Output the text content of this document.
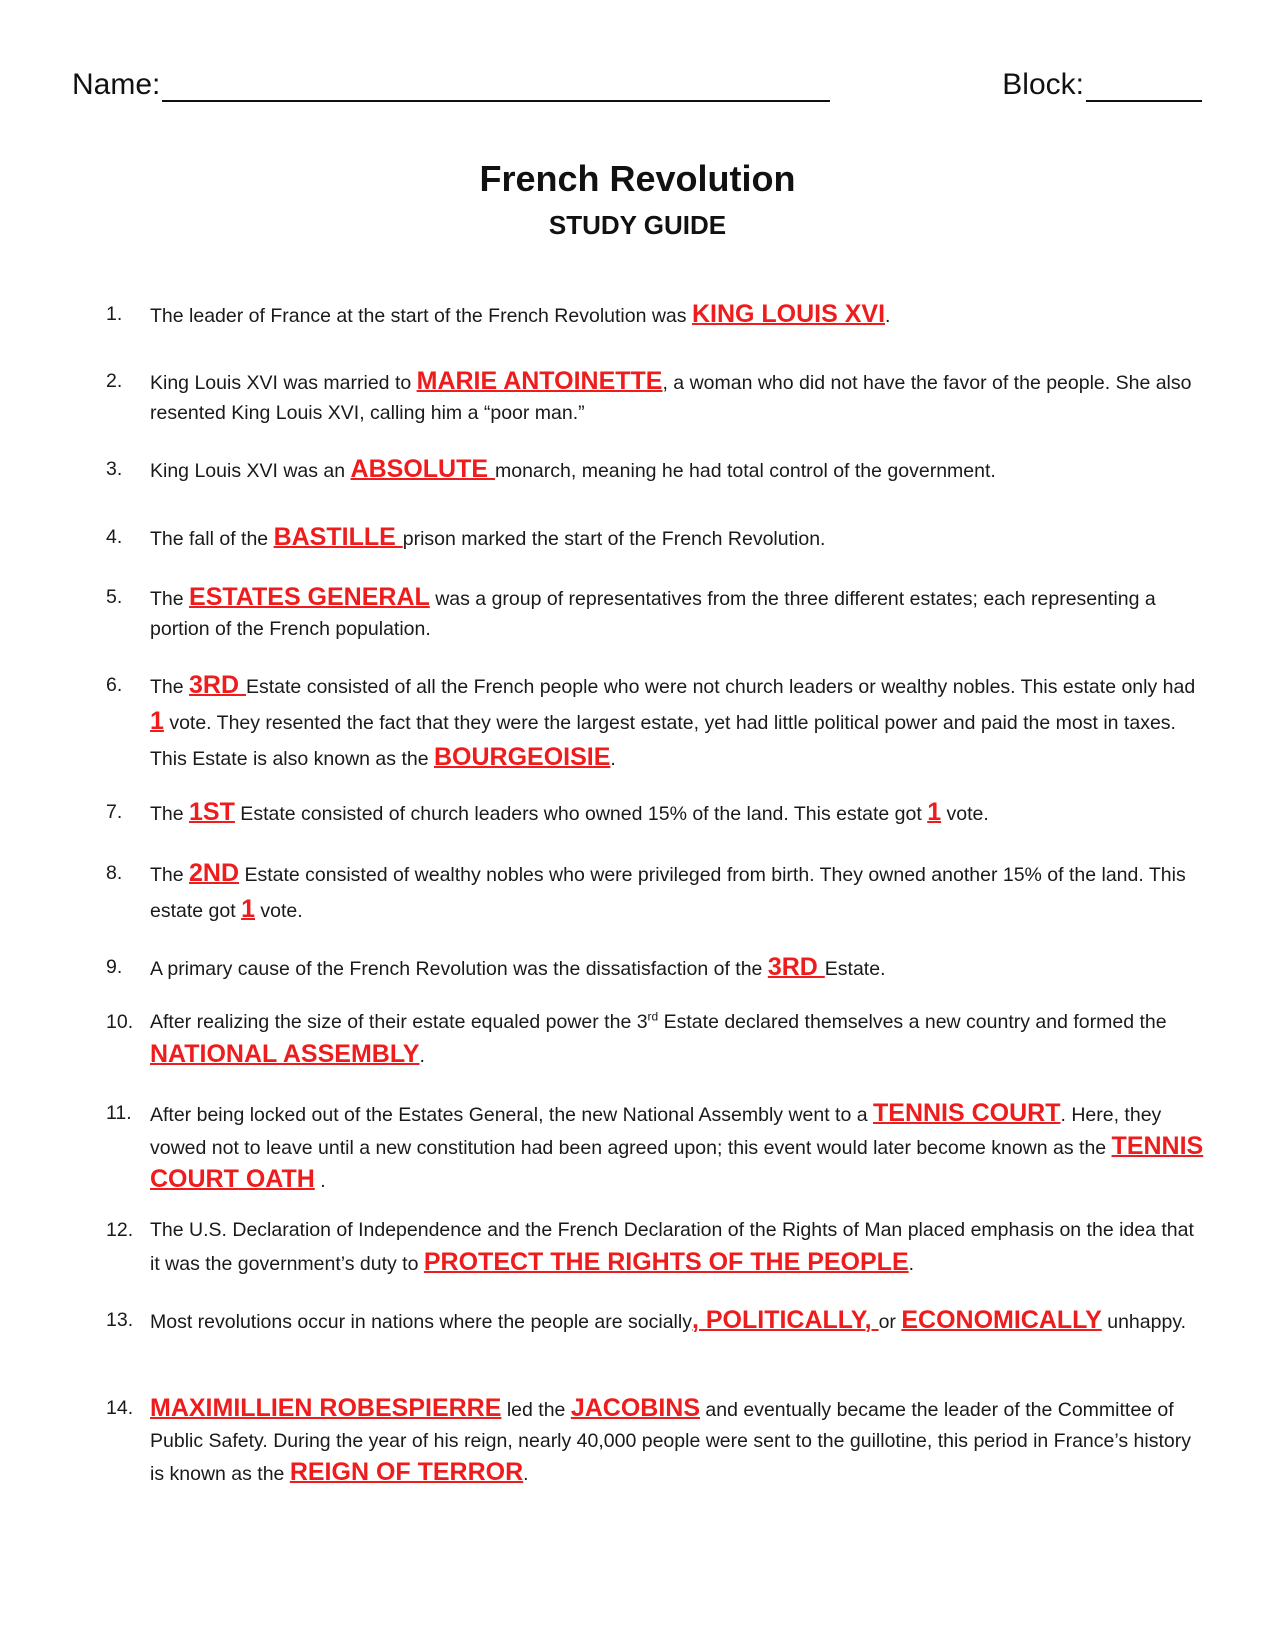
Name:	Block:
French Revolution
STUDY GUIDE
1.	The leader of France at the start of the French Revolution was KING LOUIS XVI.
2.	King Louis XVI was married to MARIE ANTOINETTE, a woman who did not have the favor of the people. She also resented King Louis XVI, calling him a “poor man.”
3.	King Louis XVI was an ABSOLUTE monarch, meaning he had total control of the government.
4.	The fall of the BASTILLE prison marked the start of the French Revolution.
5.	The ESTATES GENERAL was a group of representatives from the three different estates; each representing a portion of the French population.
6.	The 3RD Estate consisted of all the French people who were not church leaders or wealthy nobles. This estate only had 1 vote. They resented the fact that they were the largest estate, yet had little political power and paid the most in taxes. This Estate is also known as the BOURGEOISIE.
7.	The 1ST Estate consisted of church leaders who owned 15% of the land. This estate got 1 vote.
8.	The 2ND Estate consisted of wealthy nobles who were privileged from birth. They owned another 15% of the land. This estate got 1 vote.
9.	A primary cause of the French Revolution was the dissatisfaction of the 3RD Estate.
10. After realizing the size of their estate equaled power the 3rd Estate declared themselves a new country and formed the NATIONAL ASSEMBLY.
11. After being locked out of the Estates General, the new National Assembly went to a TENNIS COURT. Here, they vowed not to leave until a new constitution had been agreed upon; this event would later become known as the TENNIS COURT OATH .
12. The U.S. Declaration of Independence and the French Declaration of the Rights of Man placed emphasis on the idea that it was the government’s duty to PROTECT THE RIGHTS OF THE PEOPLE.
13. Most revolutions occur in nations where the people are socially, POLITICALLY, or ECONOMICALLY unhappy.
14. MAXIMILLIEN ROBESPIERRE led the JACOBINS and eventually became the leader of the Committee of Public Safety. During the year of his reign, nearly 40,000 people were sent to the guillotine, this period in France’s history is known as the REIGN OF TERROR.
